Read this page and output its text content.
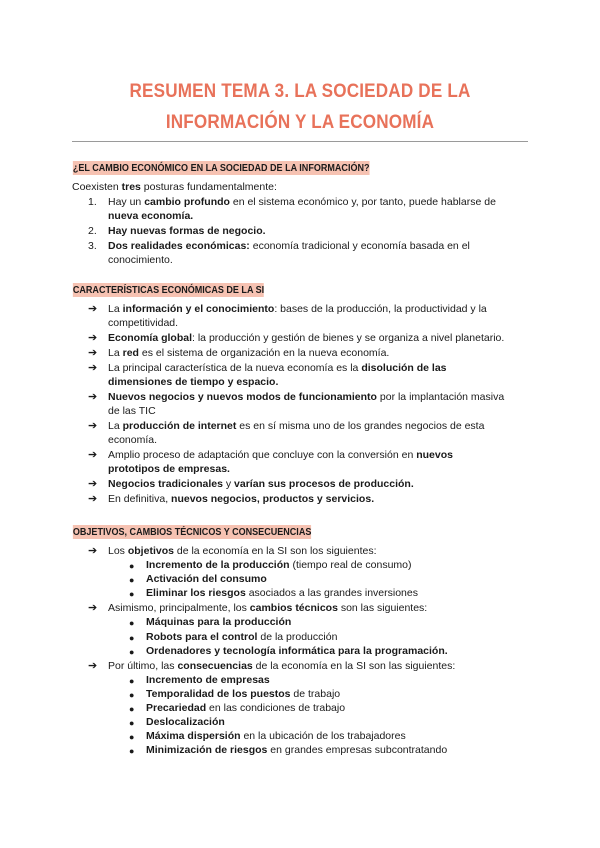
RESUMEN TEMA 3. LA SOCIEDAD DE LA
INFORMACIÓN Y LA ECONOMÍA
¿EL CAMBIO ECONÓMICO EN LA SOCIEDAD DE LA INFORMACIÓN?
Coexisten tres posturas fundamentalmente:
1. Hay un cambio profundo en el sistema económico y, por tanto, puede hablarse de
nueva economía.
2. Hay nuevas formas de negocio.
3. Dos realidades económicas: economía tradicional y economía basada en el
conocimiento.
CARACTERÍSTICAS ECONÓMICAS DE LA SI
➔ La información y el conocimiento: bases de la producción, la productividad y la
competitividad.
➔ Economía global: la producción y gestión de bienes y se organiza a nivel planetario.
➔ La red es el sistema de organización en la nueva economía.
➔ La principal característica de la nueva economía es la disolución de las
dimensiones de tiempo y espacio.
➔ Nuevos negocios y nuevos modos de funcionamiento por la implantación masiva
de las TIC
➔ La producción de internet es en sí misma uno de los grandes negocios de esta
economía.
➔ Amplio proceso de adaptación que concluye con la conversión en nuevos
prototipos de empresas.
➔ Negocios tradicionales y varían sus procesos de producción.
➔ En definitiva, nuevos negocios, productos y servicios.
OBJETIVOS, CAMBIOS TÉCNICOS Y CONSECUENCIAS
➔ Los objetivos de la economía en la SI son los siguientes:
● Incremento de la producción (tiempo real de consumo)
● Activación del consumo
● Eliminar los riesgos asociados a las grandes inversiones
➔ Asimismo, principalmente, los cambios técnicos son las siguientes:
● Máquinas para la producción
● Robots para el control de la producción
● Ordenadores y tecnología informática para la programación.
➔ Por último, las consecuencias de la economía en la SI son las siguientes:
● Incremento de empresas
● Temporalidad de los puestos de trabajo
● Precariedad en las condiciones de trabajo
● Deslocalización
● Máxima dispersión en la ubicación de los trabajadores
● Minimización de riesgos en grandes empresas subcontratando
